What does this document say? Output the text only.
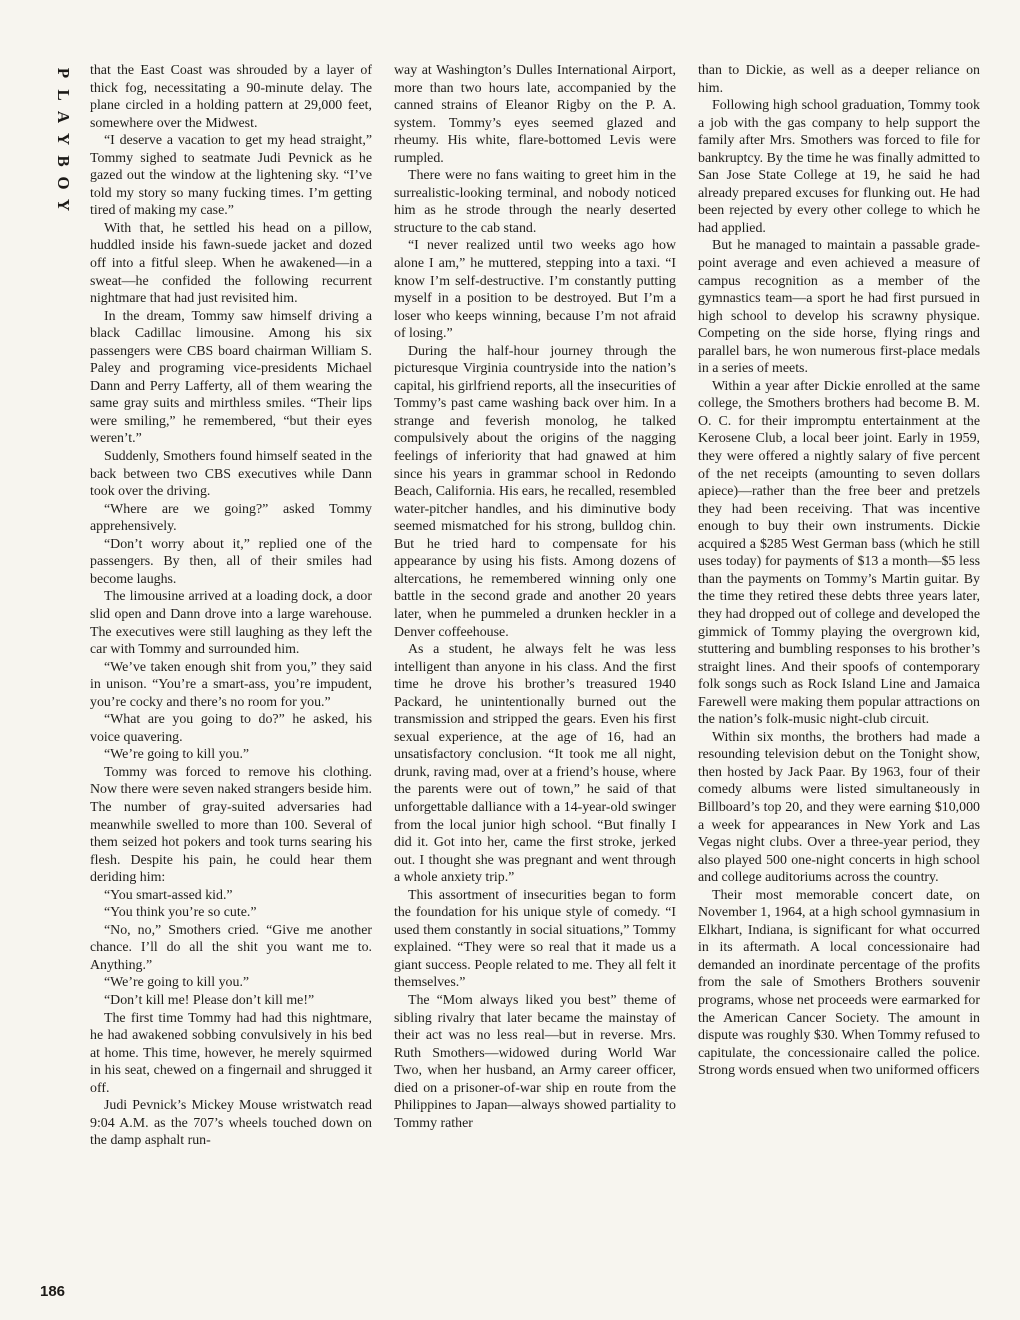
P
L
A
Y
B
O
Y
186

that the East Coast was shrouded by a layer of thick fog, necessitating a 90-minute delay. The plane circled in a holding pattern at 29,000 feet, somewhere over the Midwest.

“I deserve a vacation to get my head straight,” Tommy sighed to seatmate Judi Pevnick as he gazed out the window at the lightening sky. “I’ve told my story so many fucking times. I’m getting tired of making my case.”

With that, he settled his head on a pillow, huddled inside his fawn-suede jacket and dozed off into a fitful sleep. When he awakened—in a sweat—he confided the following recurrent nightmare that had just revisited him.

In the dream, Tommy saw himself driving a black Cadillac limousine. Among his six passengers were CBS board chairman William S. Paley and programing vice-presidents Michael Dann and Perry Lafferty, all of them wearing the same gray suits and mirthless smiles. “Their lips were smiling,” he remembered, “but their eyes weren’t.”

Suddenly, Smothers found himself seated in the back between two CBS executives while Dann took over the driving.

“Where are we going?” asked Tommy apprehensively.

“Don’t worry about it,” replied one of the passengers. By then, all of their smiles had become laughs.

The limousine arrived at a loading dock, a door slid open and Dann drove into a large warehouse. The executives were still laughing as they left the car with Tommy and surrounded him.

“We’ve taken enough shit from you,” they said in unison. “You’re a smart-ass, you’re impudent, you’re cocky and there’s no room for you.”

“What are you going to do?” he asked, his voice quavering.

“We’re going to kill you.”

Tommy was forced to remove his clothing. Now there were seven naked strangers beside him. The number of gray-suited adversaries had meanwhile swelled to more than 100. Several of them seized hot pokers and took turns searing his flesh. Despite his pain, he could hear them deriding him:

“You smart-assed kid.”

“You think you’re so cute.”

“No, no,” Smothers cried. “Give me another chance. I’ll do all the shit you want me to. Anything.”

“We’re going to kill you.”

“Don’t kill me! Please don’t kill me!”

The first time Tommy had had this nightmare, he had awakened sobbing convulsively in his bed at home. This time, however, he merely squirmed in his seat, chewed on a fingernail and shrugged it off.

Judi Pevnick’s Mickey Mouse wristwatch read 9:04 A.M. as the 707’s wheels touched down on the damp asphalt run-

way at Washington’s Dulles International Airport, more than two hours late, accompanied by the canned strains of Eleanor Rigby on the P. A. system. Tommy’s eyes seemed glazed and rheumy. His white, flare-bottomed Levis were rumpled.

There were no fans waiting to greet him in the surrealistic-looking terminal, and nobody noticed him as he strode through the nearly deserted structure to the cab stand.

“I never realized until two weeks ago how alone I am,” he muttered, stepping into a taxi. “I know I’m self-destructive. I’m constantly putting myself in a position to be destroyed. But I’m a loser who keeps winning, because I’m not afraid of losing.”

During the half-hour journey through the picturesque Virginia countryside into the nation’s capital, his girlfriend reports, all the insecurities of Tommy’s past came washing back over him. In a strange and feverish monolog, he talked compulsively about the origins of the nagging feelings of inferiority that had gnawed at him since his years in grammar school in Redondo Beach, California. His ears, he recalled, resembled water-pitcher handles, and his diminutive body seemed mismatched for his strong, bulldog chin. But he tried hard to compensate for his appearance by using his fists. Among dozens of altercations, he remembered winning only one battle in the second grade and another 20 years later, when he pummeled a drunken heckler in a Denver coffeehouse.

As a student, he always felt he was less intelligent than anyone in his class. And the first time he drove his brother’s treasured 1940 Packard, he unintentionally burned out the transmission and stripped the gears. Even his first sexual experience, at the age of 16, had an unsatisfactory conclusion. “It took me all night, drunk, raving mad, over at a friend’s house, where the parents were out of town,” he said of that unforgettable dalliance with a 14-year-old swinger from the local junior high school. “But finally I did it. Got into her, came the first stroke, jerked out. I thought she was pregnant and went through a whole anxiety trip.”

This assortment of insecurities began to form the foundation for his unique style of comedy. “I used them constantly in social situations,” Tommy explained. “They were so real that it made us a giant success. People related to me. They all felt it themselves.”

The “Mom always liked you best” theme of sibling rivalry that later became the mainstay of their act was no less real—but in reverse. Mrs. Ruth Smothers—widowed during World War Two, when her husband, an Army career officer, died on a prisoner-of-war ship en route from the Philippines to Japan—always showed partiality to Tommy rather

than to Dickie, as well as a deeper reliance on him.

Following high school graduation, Tommy took a job with the gas company to help support the family after Mrs. Smothers was forced to file for bankruptcy. By the time he was finally admitted to San Jose State College at 19, he said he had already prepared excuses for flunking out. He had been rejected by every other college to which he had applied.

But he managed to maintain a passable grade-point average and even achieved a measure of campus recognition as a member of the gymnastics team—a sport he had first pursued in high school to develop his scrawny physique. Competing on the side horse, flying rings and parallel bars, he won numerous first-place medals in a series of meets.

Within a year after Dickie enrolled at the same college, the Smothers brothers had become B. M. O. C. for their impromptu entertainment at the Kerosene Club, a local beer joint. Early in 1959, they were offered a nightly salary of five percent of the net receipts (amounting to seven dollars apiece)—rather than the free beer and pretzels they had been receiving. That was incentive enough to buy their own instruments. Dickie acquired a $285 West German bass (which he still uses today) for payments of $13 a month—$5 less than the payments on Tommy’s Martin guitar. By the time they retired these debts three years later, they had dropped out of college and developed the gimmick of Tommy playing the overgrown kid, stuttering and bumbling responses to his brother’s straight lines. And their spoofs of contemporary folk songs such as Rock Island Line and Jamaica Farewell were making them popular attractions on the nation’s folk-music night-club circuit.

Within six months, the brothers had made a resounding television debut on the Tonight show, then hosted by Jack Paar. By 1963, four of their comedy albums were listed simultaneously in Billboard’s top 20, and they were earning $10,000 a week for appearances in New York and Las Vegas night clubs. Over a three-year period, they also played 500 one-night concerts in high school and college auditoriums across the country.

Their most memorable concert date, on November 1, 1964, at a high school gymnasium in Elkhart, Indiana, is significant for what occurred in its aftermath. A local concessionaire had demanded an inordinate percentage of the profits from the sale of Smothers Brothers souvenir programs, whose net proceeds were earmarked for the American Cancer Society. The amount in dispute was roughly $30. When Tommy refused to capitulate, the concessionaire called the police. Strong words ensued when two uniformed officers
